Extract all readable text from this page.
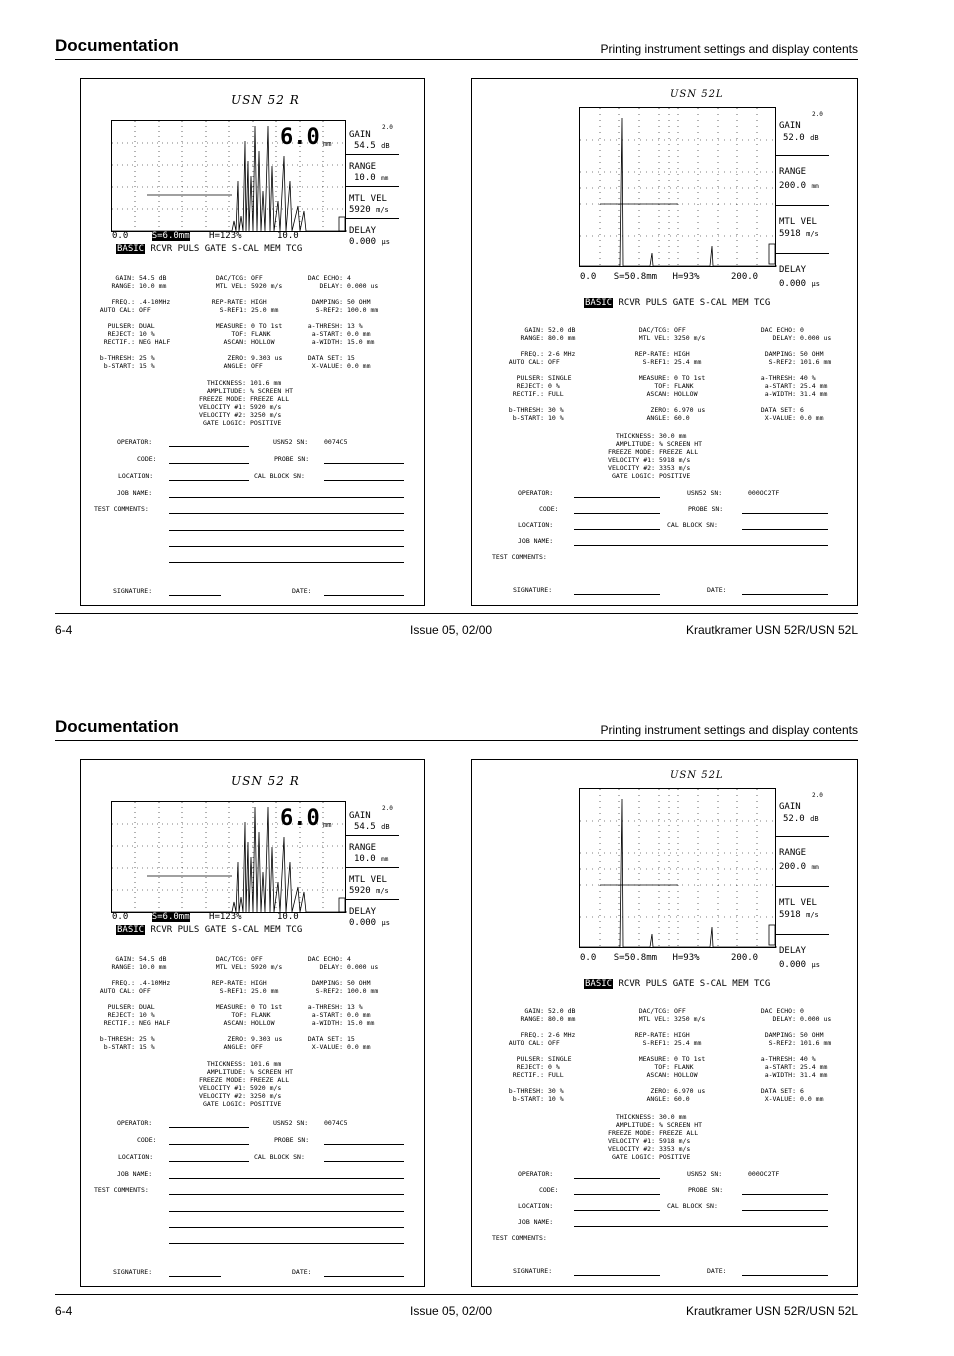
Documentation	Printing instrument settings and display contents
USN 52 R
6.0 mm
2.0
GAIN
54.5 dB
RANGE
10.0 mm
MTL VEL
5920 m/s
DELAY
0.000 µs
0.0	S=6.0mm H=123%	10.0
BASIC RCVR PULS GATE S-CAL MEM TCG
GAIN: 54.5 dB	DAC/TCG: OFF	DAC ECHO: 4
RANGE: 10.0 mm	MTL VEL: 5920 m/s	DELAY: 0.000 us
FREQ.: .4-10MHz	REP-RATE: HIGH	DAMPING: 50 OHM
AUTO CAL: OFF	S-REF1: 25.0 mm	S-REF2: 100.0 mm
PULSER: DUAL	MEASURE: 0 TO 1st	a-THRESH: 13 %
REJECT: 10 %	TOF: FLANK	a-START: 0.0 mm
RECTIF.: NEG HALF	ASCAN: HOLLOW	a-WIDTH: 15.0 mm
b-THRESH: 25 %	ZERO: 9.303 us	DATA SET: 15
b-START: 15 %	ANGLE: OFF	X-VALUE: 0.0 mm
THICKNESS: 101.6 mm
AMPLITUDE: % SCREEN HT
FREEZE MODE: FREEZE ALL
VELOCITY #1: 5920 m/s
VELOCITY #2: 3250 m/s
GATE LOGIC: POSITIVE
OPERATOR:	USN52 SN: 0074C5
CODE:	PROBE SN:
LOCATION:	CAL BLOCK SN:
JOB NAME:
TEST COMMENTS:
SIGNATURE:	DATE:
USN 52L
2.0
GAIN
52.0 dB
RANGE
200.0 mm
MTL VEL
5918 m/s
DELAY
0.000 µs
0.0 S=50.8mm H=93%	200.0
BASIC RCVR PULS GATE S-CAL MEM TCG
GAIN: 52.0 dB	DAC/TCG: OFF	DAC ECHO: 0
RANGE: 80.0 mm	MTL VEL: 3250 m/s	DELAY: 0.000 us
FREQ.: 2-6 MHz	REP-RATE: HIGH	DAMPING: 50 OHM
AUTO CAL: OFF	S-REF1: 25.4 mm	S-REF2: 101.6 mm
PULSER: SINGLE	MEASURE: 0 TO 1st	a-THRESH: 40 %
REJECT: 0 %	TOF: FLANK	a-START: 25.4 mm
RECTIF.: FULL	ASCAN: HOLLOW	a-WIDTH: 31.4 mm
b-THRESH: 30 %	ZERO: 6.970 us	DATA SET: 6
b-START: 10 %	ANGLE: 60.0	X-VALUE: 0.0 mm
THICKNESS: 30.0 mm
AMPLITUDE: % SCREEN HT
FREEZE MODE: FREEZE ALL
VELOCITY #1: 5918 m/s
VELOCITY #2: 3353 m/s
GATE LOGIC: POSITIVE
OPERATOR:	USN52 SN:	000OC2TF
CODE:	PROBE SN:
LOCATION:	CAL BLOCK SN:
JOB NAME:
TEST COMMENTS:
SIGNATURE:	DATE:
6-4	Issue 05, 02/00	Krautkramer USN 52R/USN 52L
Documentation	Printing instrument settings and display contents
USN 52 R
6.0 mm
2.0
GAIN
54.5 dB
RANGE
10.0 mm
MTL VEL
5920 m/s
DELAY
0.000 µs
0.0	S=6.0mm H=123%	10.0
BASIC RCVR PULS GATE S-CAL MEM TCG
GAIN: 54.5 dB	DAC/TCG: OFF	DAC ECHO: 4
RANGE: 10.0 mm	MTL VEL: 5920 m/s	DELAY: 0.000 us
FREQ.: .4-10MHz	REP-RATE: HIGH	DAMPING: 50 OHM
AUTO CAL: OFF	S-REF1: 25.0 mm	S-REF2: 100.0 mm
PULSER: DUAL	MEASURE: 0 TO 1st	a-THRESH: 13 %
REJECT: 10 %	TOF: FLANK	a-START: 0.0 mm
RECTIF.: NEG HALF	ASCAN: HOLLOW	a-WIDTH: 15.0 mm
b-THRESH: 25 %	ZERO: 9.303 us	DATA SET: 15
b-START: 15 %	ANGLE: OFF	X-VALUE: 0.0 mm
THICKNESS: 101.6 mm
AMPLITUDE: % SCREEN HT
FREEZE MODE: FREEZE ALL
VELOCITY #1: 5920 m/s
VELOCITY #2: 3250 m/s
GATE LOGIC: POSITIVE
OPERATOR:	USN52 SN: 0074C5
CODE:	PROBE SN:
LOCATION:	CAL BLOCK SN:
JOB NAME:
TEST COMMENTS:
SIGNATURE:	DATE:
USN 52L
2.0
GAIN
52.0 dB
RANGE
200.0 mm
MTL VEL
5918 m/s
DELAY
0.000 µs
0.0 S=50.8mm H=93%	200.0
BASIC RCVR PULS GATE S-CAL MEM TCG
GAIN: 52.0 dB	DAC/TCG: OFF	DAC ECHO: 0
RANGE: 80.0 mm	MTL VEL: 3250 m/s	DELAY: 0.000 us
FREQ.: 2-6 MHz	REP-RATE: HIGH	DAMPING: 50 OHM
AUTO CAL: OFF	S-REF1: 25.4 mm	S-REF2: 101.6 mm
PULSER: SINGLE	MEASURE: 0 TO 1st	a-THRESH: 40 %
REJECT: 0 %	TOF: FLANK	a-START: 25.4 mm
RECTIF.: FULL	ASCAN: HOLLOW	a-WIDTH: 31.4 mm
b-THRESH: 30 %	ZERO: 6.970 us	DATA SET: 6
b-START: 10 %	ANGLE: 60.0	X-VALUE: 0.0 mm
THICKNESS: 30.0 mm
AMPLITUDE: % SCREEN HT
FREEZE MODE: FREEZE ALL
VELOCITY #1: 5918 m/s
VELOCITY #2: 3353 m/s
GATE LOGIC: POSITIVE
OPERATOR:	USN52 SN:	000OC2TF
CODE:	PROBE SN:
LOCATION:	CAL BLOCK SN:
JOB NAME:
TEST COMMENTS:
SIGNATURE:	DATE:
6-4	Issue 05, 02/00	Krautkramer USN 52R/USN 52L
